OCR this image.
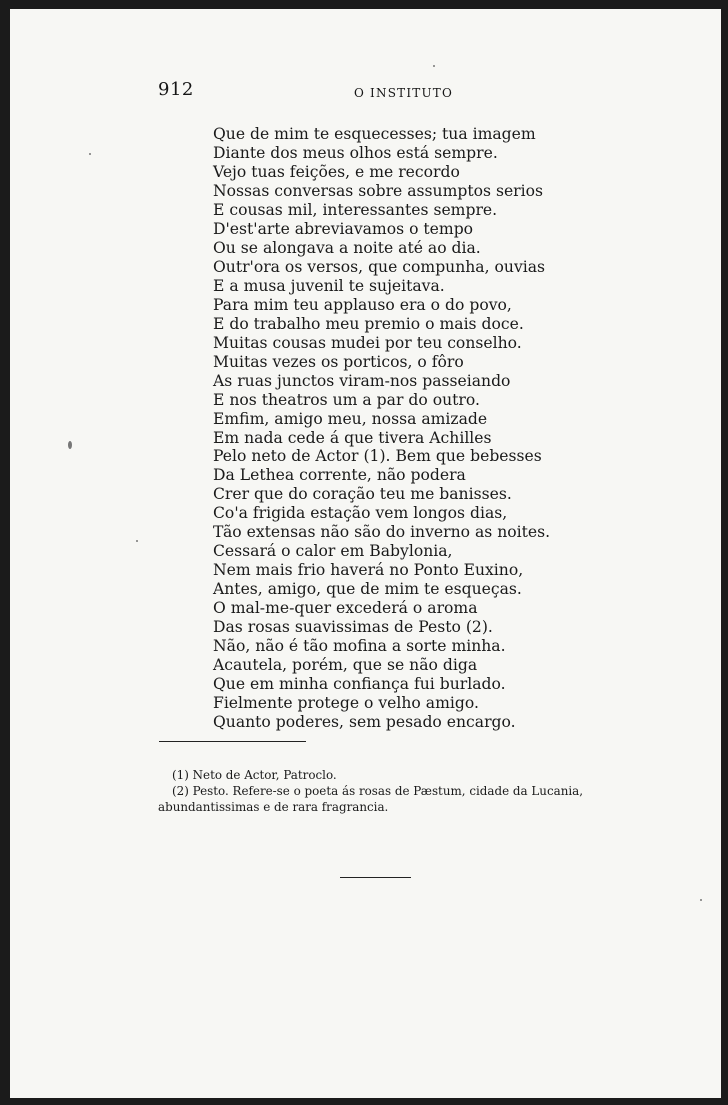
912	O INSTITUTO
Que de mim te esquecesses; tua imagem
Diante dos meus olhos está sempre.
Vejo tuas feições, e me recordo
Nossas conversas sobre assumptos serios
E cousas mil, interessantes sempre.
D'est'arte abreviavamos o tempo
Ou se alongava a noite até ao dia.
Outr'ora os versos, que compunha, ouvias
E a musa juvenil te sujeitava.
Para mim teu applauso era o do povo,
E do trabalho meu premio o mais doce.
Muitas cousas mudei por teu conselho.
Muitas vezes os porticos, o fôro
As ruas junctos viram-nos passeiando
E nos theatros um a par do outro.
Emfim, amigo meu, nossa amizade
Em nada cede á que tivera Achilles
Pelo neto de Actor (1). Bem que bebesses
Da Lethea corrente, não podera
Crer que do coração teu me banisses.
Co'a frigida estação vem longos dias,
Tão extensas não são do inverno as noites.
Cessará o calor em Babylonia,
Nem mais frio haverá no Ponto Euxino,
Antes, amigo, que de mim te esqueças.
O mal-me-quer excederá o aroma
Das rosas suavissimas de Pesto (2).
Não, não é tão mofina a sorte minha.
Acautela, porém, que se não diga
Que em minha confiança fui burlado.
Fielmente protege o velho amigo.
Quanto poderes, sem pesado encargo.

(1) Neto de Actor, Patroclo.

(2) Pesto. Refere-se o poeta ás rosas de Pæstum, cidade da Lucania,
abundantissimas e de rara fragrancia.
